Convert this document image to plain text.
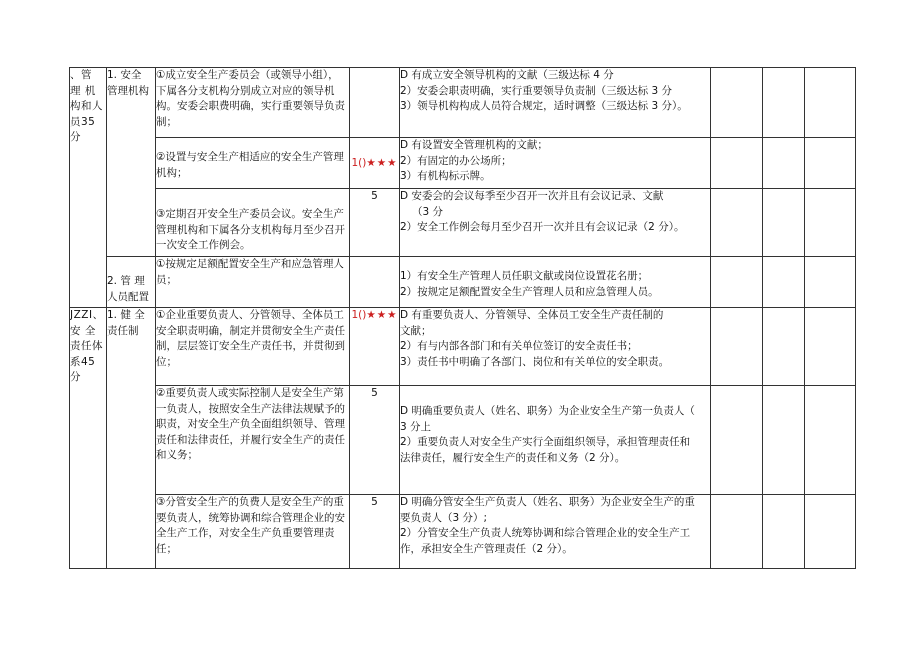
、管 理 机构和人员35 分	1. 安全 管理机构	①成立安全生产委员会（或领导小组），下属各分支机构分别成立对应的领导机构。安委会职费明确，实行重要领导负责制；		D 有成立安全领导机构的文献（三级达标 4 分
2）安委会职责明确，实行重要领导负责制（三级达标 3 分
3）领导机构构成人员符合规定，适时调整（三级达标 3 分）。			

		②设置与安全生产相适应的安全生产管理机构；	1()★★★	D 有设置安全管理机构的文献；
2）有固定的办公场所；
3）有机构标示牌。			

		③定期召开安全生产委员会议。安全生产管理机构和下属各分支机构每月至少召开一次安全工作例会。	5	D 安委会的会议每季至少召开一次并且有会议记录、文献
（3 分
2）安全工作例会每月至少召开一次并且有会议记录（2 分）。			

	2. 管 理 人员配置	①按规定足额配置安全生产和应急管理人员；		1）有安全生产管理人员任职文献或岗位设置花名册；
2）按规定足额配置安全生产管理人员和应急管理人员。			

JZZI、安 全 责任体系45 分	1. 健 全 责任制	①企业重要负责人、分管领导、全体员工安全职责明确，制定并贯彻安全生产责任制，层层签订安全生产责任书，并贯彻到位；	1()★★★	D 有重要负责人、分管领导、全体员工安全生产责任制的
文献；
2）有与内部各部门和有关单位签订的安全责任书；
3）责任书中明确了各部门、岗位和有关单位的安全职责。			

		②重要负责人或实际控制人是安全生产第一负责人，按照安全生产法律法规赋予的职责，对安全生产负全面组织领导、管理责任和法律责任，并履行安全生产的责任和义务；	5	D 明确重要负责人（姓名、职务）为企业安全生产第一负责人（
3 分上
2）重要负责人对安全生产实行全面组织领导，承担管理责任和
法律责任，履行安全生产的责任和义务（2 分）。			

		③分管安全生产的负费人是安全生产的重要负责人，统筹协调和综合管理企业的安全生产工作，对安全生产负重要管理责任；	5	D 明确分管安全生产负责人（姓名、职务）为企业安全生产的重
要负责人（3 分）;
2）分管安全生产负责人统筹协调和综合管理企业的安全生产工
作，承担安全生产管理责任（2 分）。			
